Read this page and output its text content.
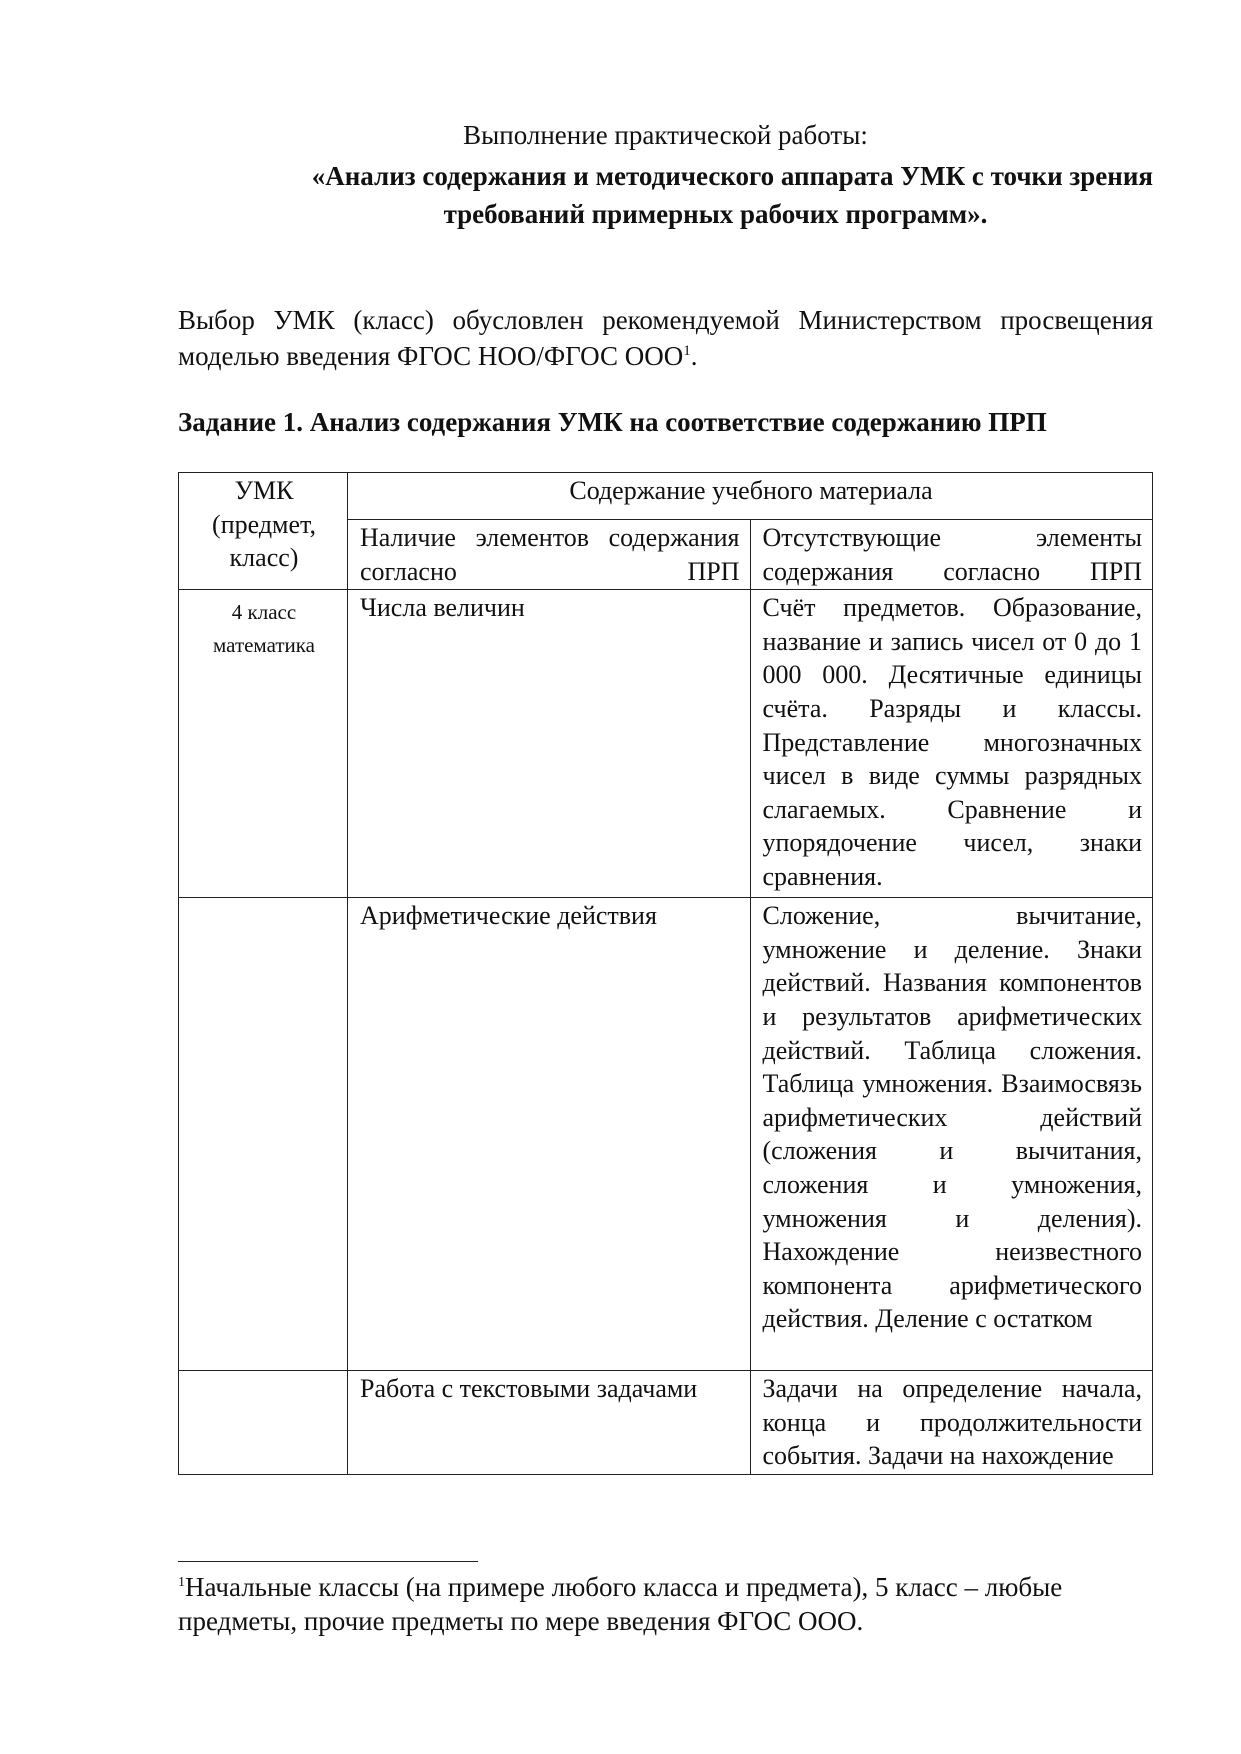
Выполнение практической работы:
«Анализ содержания и методического аппарата УМК с точки зрения
требований примерных рабочих программ».

Выбор УМК (класс) обусловлен рекомендуемой Министерством просвещения моделью введения ФГОС НОО/ФГОС ООО$^1$.

Задание 1. Анализ содержания УМК на соответствие содержанию ПРП
УМК (предмет, класс)	Содержание учебного материала	
	Наличие элементов содержания согласно ПРП	Отсутствующие элементы содержания согласно ПРП

4 класс
математика	Числа величин	Счёт предметов. Образование, название и запись чисел от 0 до 1 000 000. Десятичные единицы счёта. Разряды и классы. Представление многозначных чисел в виде суммы разрядных слагаемых. Сравнение и упорядочение чисел, знаки сравнения.
	Арифметические действия	Сложение, вычитание, умножение и деление. Знаки действий. Названия компонентов и результатов арифметических действий. Таблица сложения. Таблица умножения. Взаимосвязь арифметических действий (сложения и вычитания, сложения и умножения, умножения и деления). Нахождение неизвестного компонента арифметического действия. Деление с остатком
	Работа с текстовыми задачами	Задачи на определение начала, конца и продолжительности события. Задачи на нахождение

$^1$Начальные классы (на примере любого класса и предмета), 5 класс – любые предметы, прочие предметы по мере введения ФГОС ООО.
